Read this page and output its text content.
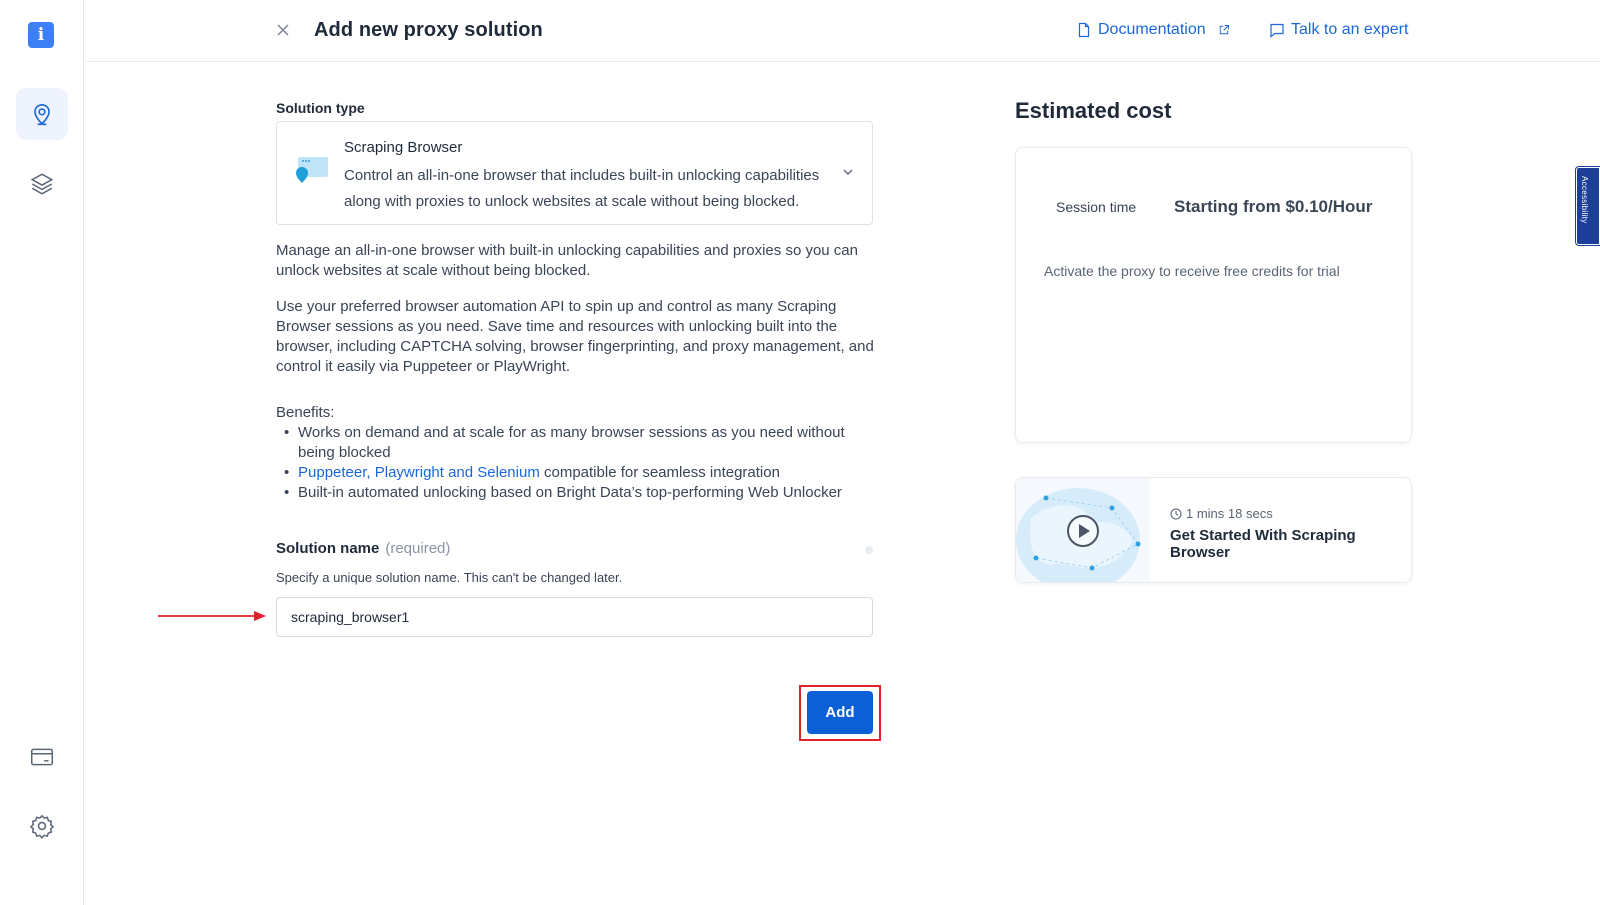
i	Add new proxy solution	Documentation	Talk to an expert
Solution type
Scraping Browser
Control an all-in-one browser that includes built-in unlocking capabilities along with proxies to unlock websites at scale without being blocked.

Manage an all-in-one browser with built-in unlocking capabilities and proxies so you can unlock websites at scale without being blocked.

Use your preferred browser automation API to spin up and control as many Scraping Browser sessions as you need. Save time and resources with unlocking built into the browser, including CAPTCHA solving, browser fingerprinting, and proxy management, and control it easily via Puppeteer or PlayWright.

Benefits:

• Works on demand and at scale for as many browser sessions as you need without being blocked
• Puppeteer, Playwright and Selenium compatible for seamless integration
• Built-in automated unlocking based on Bright Data’s top-performing Web Unlocker
Solution name (required)
Specify a unique solution name. This can't be changed later.
scraping_browser1
Add
Estimated cost
Session time Starting from $0.10/Hour
Activate the proxy to receive free credits for trial
1 mins 18 secs
Get Started With Scraping Browser
Accessibility
